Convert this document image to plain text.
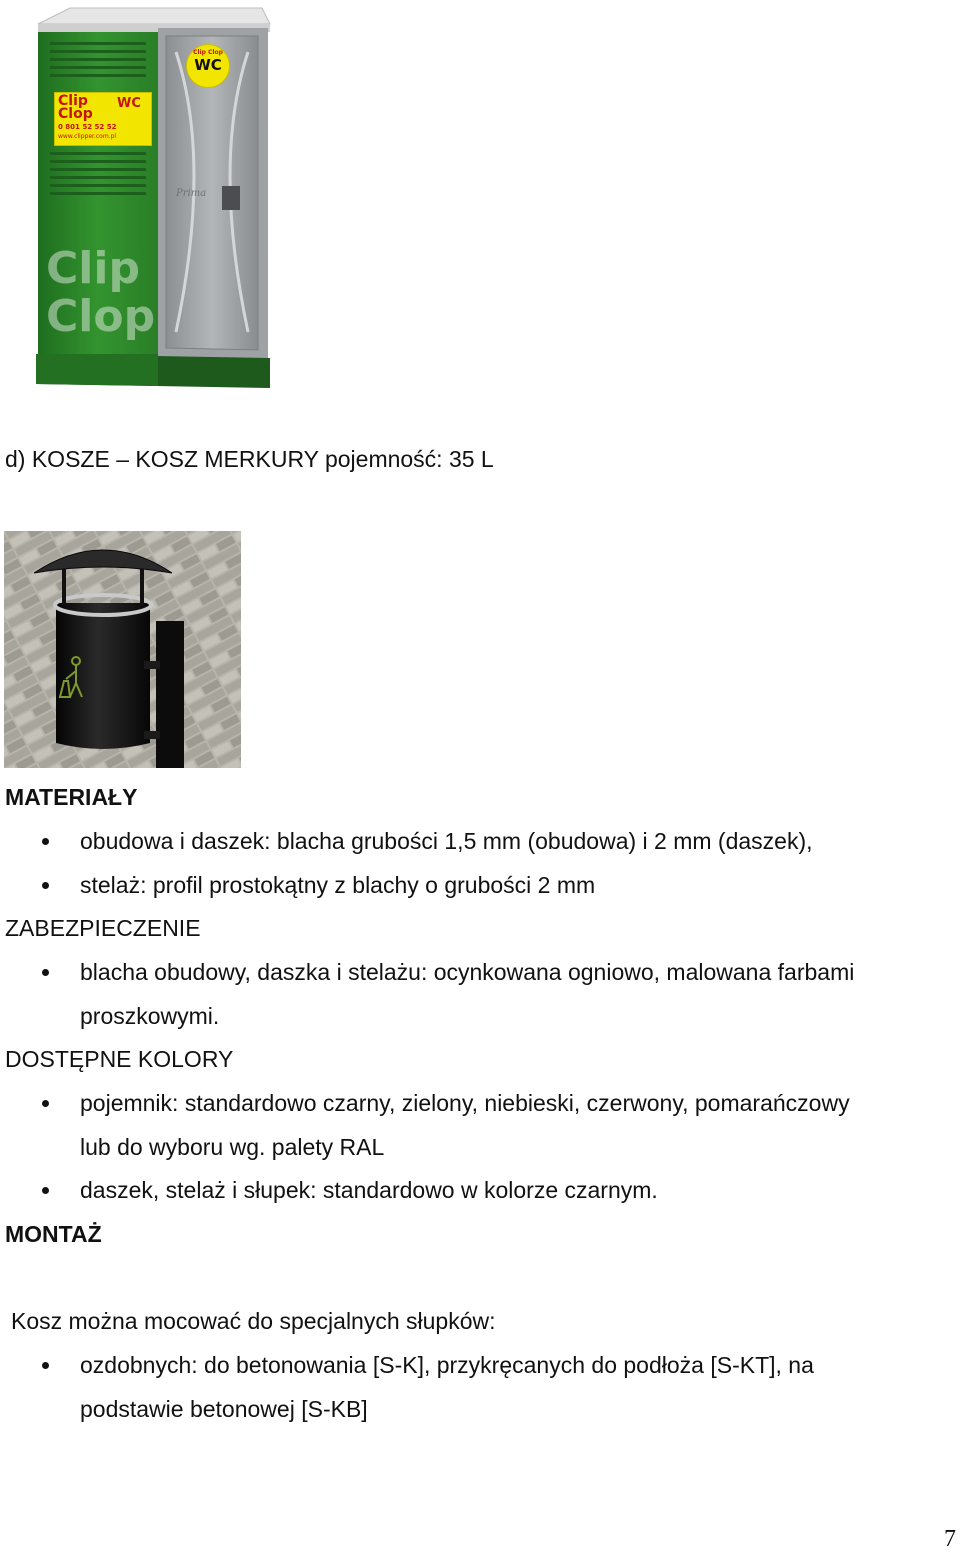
Clip
Clop
WC
0 801 52 52 52
www.clipper.com.pl
Clip Clop
WC
Prima
Clip
Clop
d) KOSZE – KOSZ MERKURY pojemność: 35 L
MATERIAŁY
obudowa i daszek: blacha grubości 1,5 mm (obudowa) i 2 mm (daszek),
stelaż: profil prostokątny z blachy o grubości 2 mm
ZABEZPIECZENIE
blacha obudowy, daszka i stelażu: ocynkowana ogniowo, malowana farbami
proszkowymi.
DOSTĘPNE KOLORY
pojemnik: standardowo czarny, zielony, niebieski, czerwony, pomarańczowy
lub do wyboru wg. palety RAL
daszek, stelaż i słupek: standardowo w kolorze czarnym.
MONTAŻ
Kosz można mocować do specjalnych słupków:
ozdobnych: do betonowania [S-K], przykręcanych do podłoża [S-KT], na
podstawie betonowej [S-KB]
7
